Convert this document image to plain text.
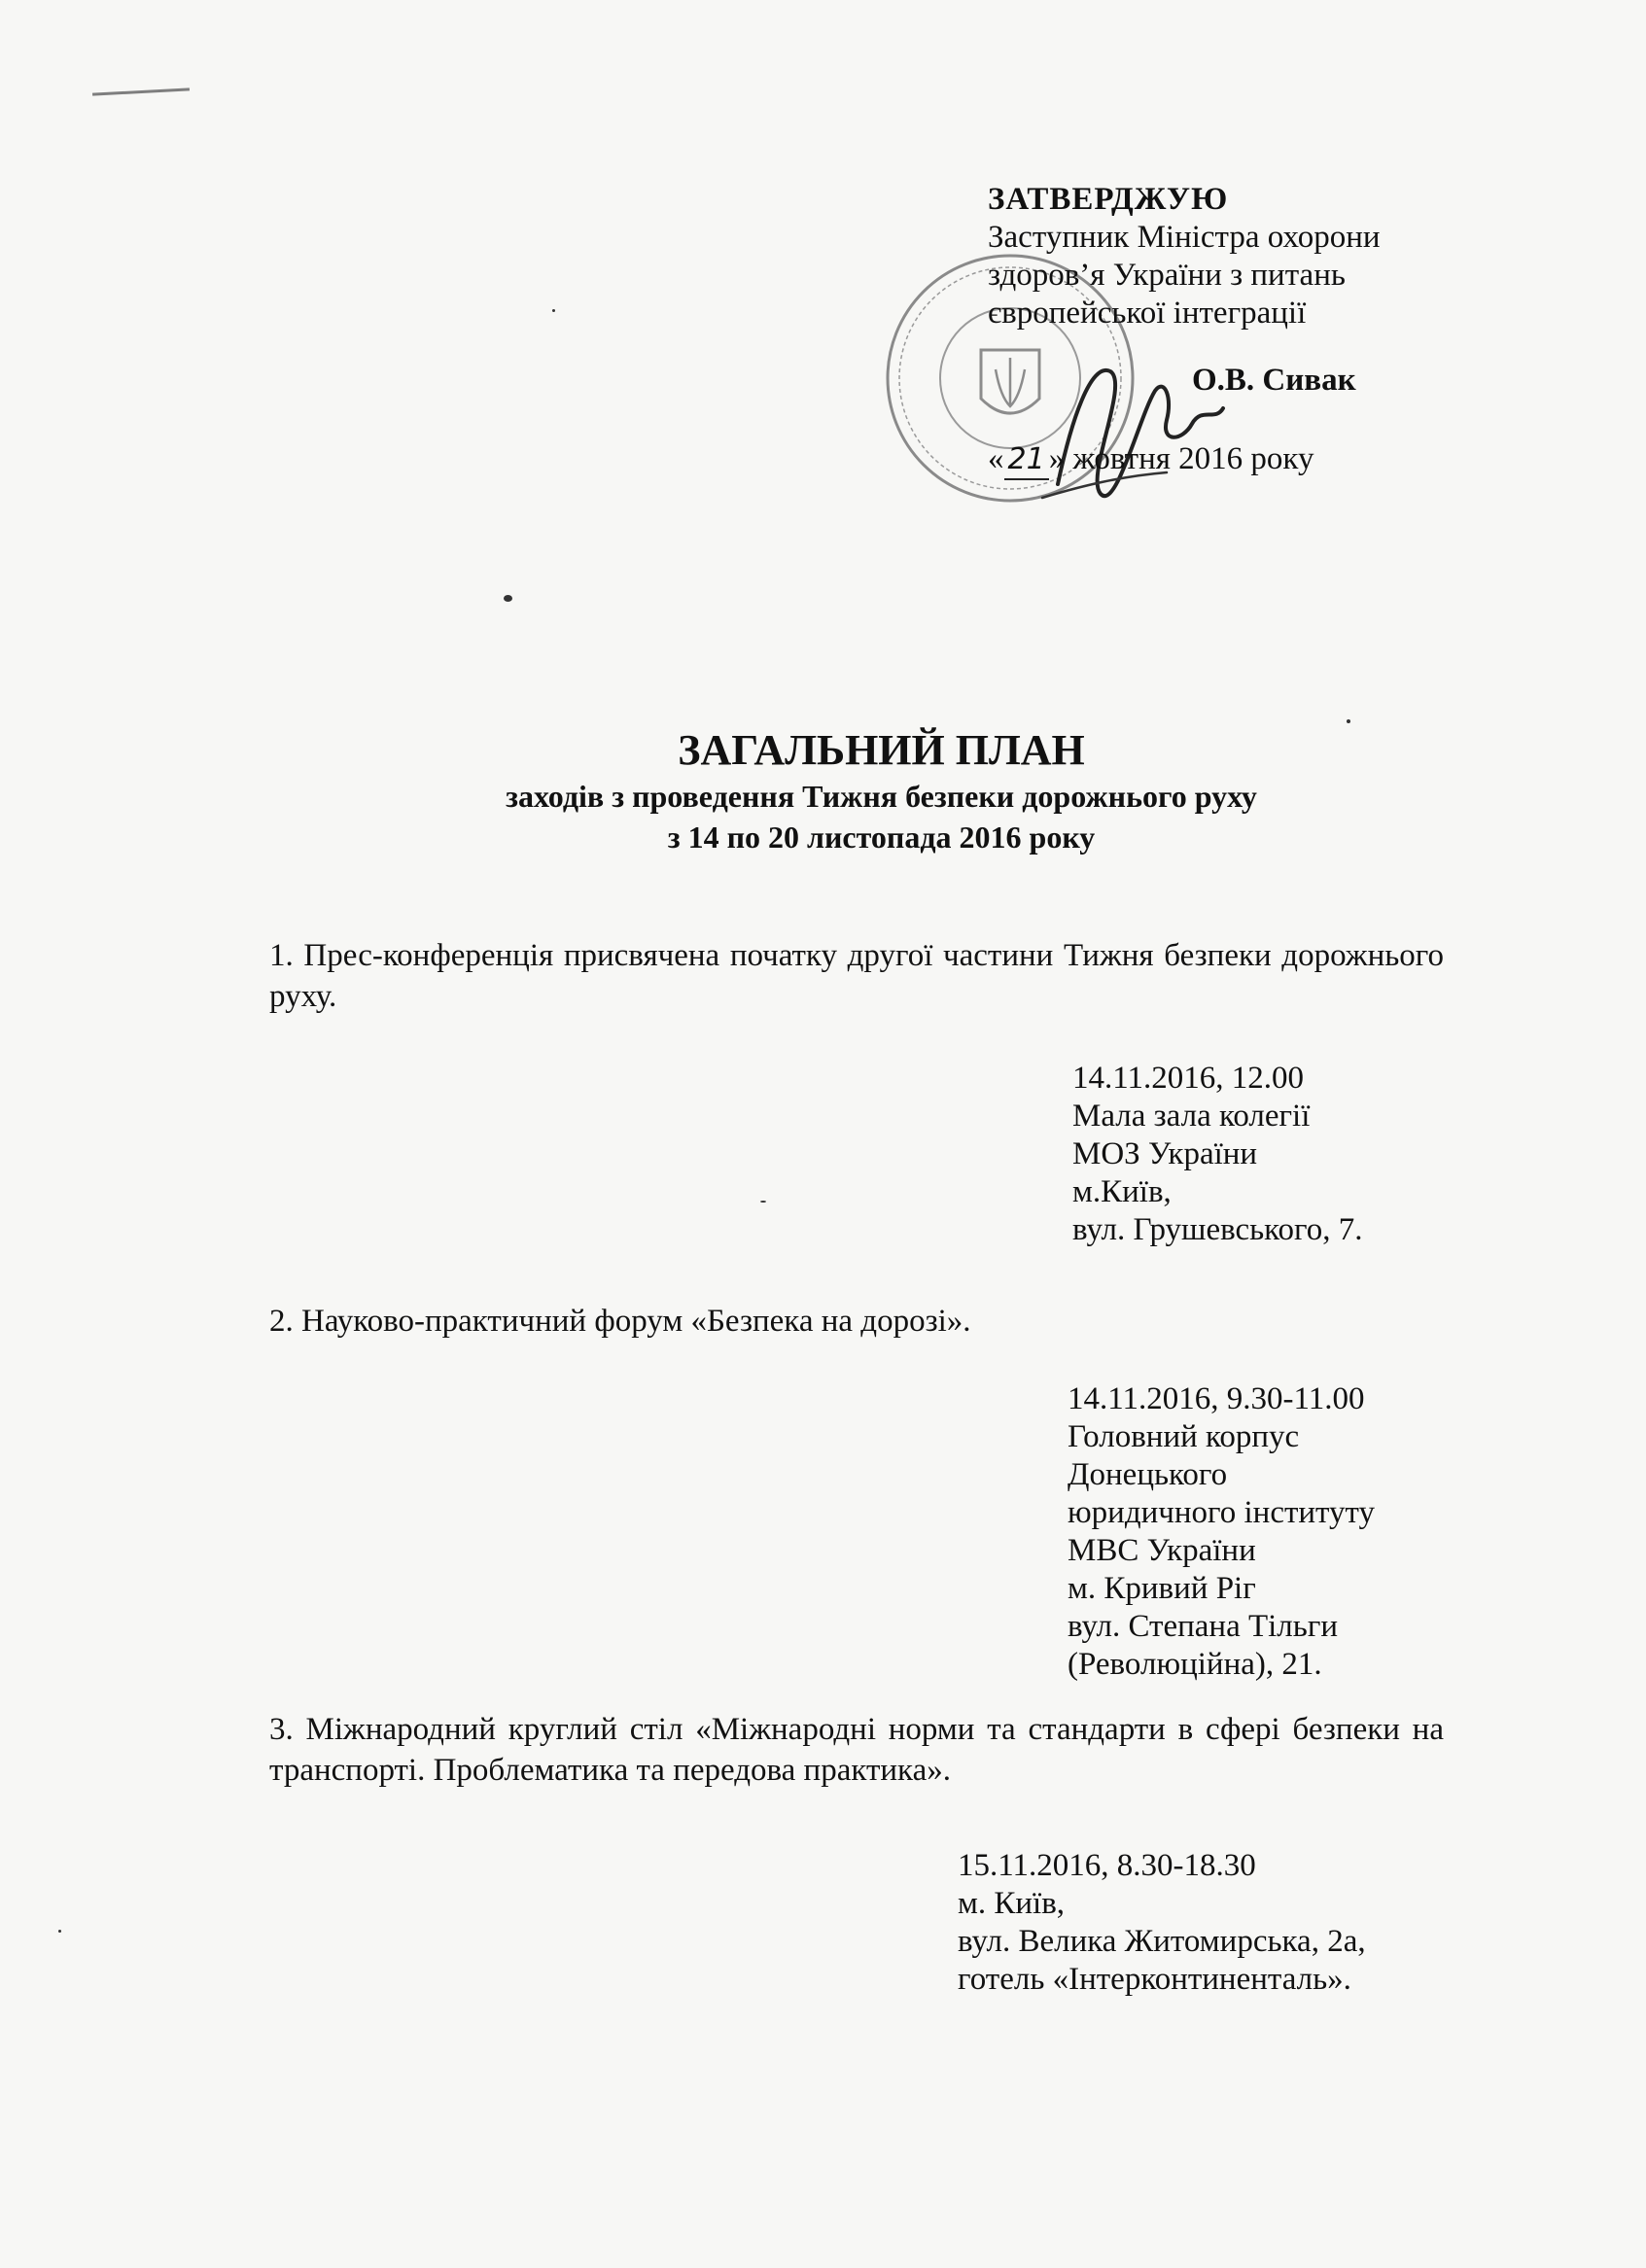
ЗАТВЕРДЖУЮ
Заступник Міністра охорони
здоров’я України з питань
європейської інтеграції
О.В. Сивак
« 21 » жовтня 2016 року
ЗАГАЛЬНИЙ ПЛАН
заходів з проведення Тижня безпеки дорожнього руху
з 14 по 20 листопада 2016 року
1. Прес-конференція присвячена початку другої частини Тижня безпеки дорожнього руху.
14.11.2016, 12.00
Мала зала колегії
МОЗ України
м.Київ,
вул. Грушевського, 7.
2. Науково-практичний форум «Безпека на дорозі».
14.11.2016, 9.30-11.00
Головний корпус
Донецького
юридичного інституту
МВС України
м. Кривий Ріг
вул. Степана Тільги
(Революційна), 21.
3. Міжнародний круглий стіл «Міжнародні норми та стандарти в сфері безпеки на транспорті. Проблематика та передова практика».
15.11.2016, 8.30-18.30
м. Київ,
вул. Велика Житомирська, 2а,
готель «Інтерконтиненталь».
